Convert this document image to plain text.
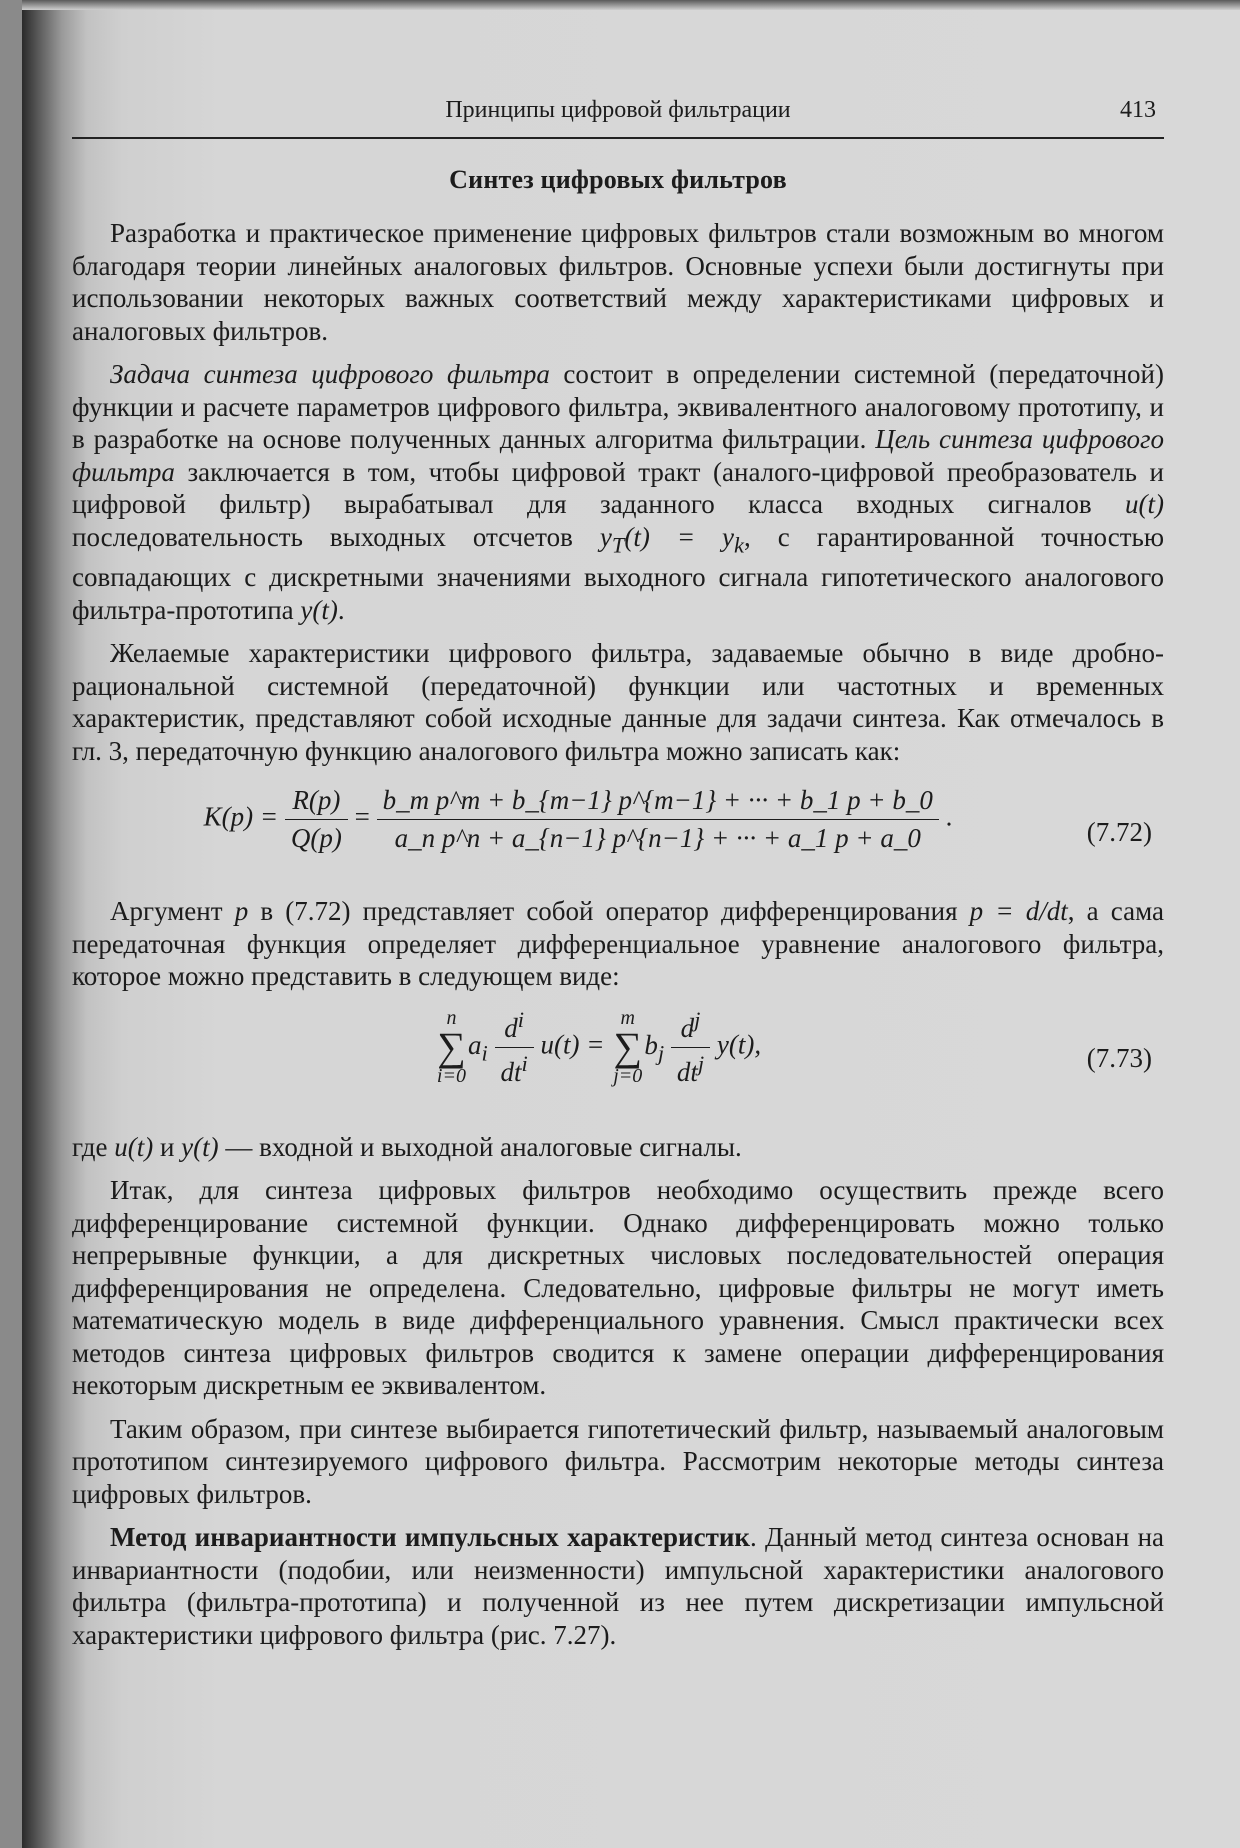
Принципы цифровой фильтрации	413
Синтез цифровых фильтров

Разработка и практическое применение цифровых фильтров стали возможным во многом благодаря теории линейных аналоговых фильтров. Основные успехи были достигнуты при использовании некоторых важных соответствий между характеристиками цифровых и аналоговых фильтров.

Задача синтеза цифрового фильтра состоит в определении системной (передаточной) функции и расчете параметров цифрового фильтра, эквивалентного аналоговому прототипу, и в разработке на основе полученных данных алгоритма фильтрации. Цель синтеза цифрового фильтра заключается в том, чтобы цифровой тракт (аналого-цифровой преобразователь и цифровой фильтр) вырабатывал для заданного класса входных сигналов u(t) последовательность выходных отсчетов $y_T(t) = y_k$, с гарантированной точностью совпадающих с дискретными значениями выходного сигнала гипотетического аналогового фильтра-прототипа y(t).

Желаемые характеристики цифрового фильтра, задаваемые обычно в виде дробно-рациональной системной (передаточной) функции или частотных и временных характеристик, представляют собой исходные данные для задачи синтеза. Как отмечалось в гл. 3, передаточную функцию аналогового фильтра можно записать как:

$K(p) = \frac{R(p)}{Q(p)} = \frac{\text{b\_m p\textasciicircum{}m + b\_\{m−1\} p\textasciicircum{}\{m−1\} + ··· + b\_1 p + b\_0}}{\text{a\_n p\textasciicircum{}n + a\_\{n−1\} p\textasciicircum{}\{n−1\} + ··· + a\_1 p + a\_0}}$ .
(7.72)

Аргумент p в (7.72) представляет собой оператор дифференцирования p = d/dt, а сама передаточная функция определяет дифференциальное уравнение аналогового фильтра, которое можно представить в следующем виде:

n
∑
i=0
$a_i \frac{d^i}{dt^i} u(t)$ =
m
∑
j=0
$b_j \frac{d^j}{dt^j} y(t)$,	(7.73)

где u(t) и y(t) — входной и выходной аналоговые сигналы.

Итак, для синтеза цифровых фильтров необходимо осуществить прежде всего дифференцирование системной функции. Однако дифференцировать можно только непрерывные функции, а для дискретных числовых последовательностей операция дифференцирования не определена. Следовательно, цифровые фильтры не могут иметь математическую модель в виде дифференциального уравнения. Смысл практически всех методов синтеза цифровых фильтров сводится к замене операции дифференцирования некоторым дискретным ее эквивалентом.

Таким образом, при синтезе выбирается гипотетический фильтр, называемый аналоговым прототипом синтезируемого цифрового фильтра. Рассмотрим некоторые методы синтеза цифровых фильтров.

Метод инвариантности импульсных характеристик. Данный метод синтеза основан на инвариантности (подобии, или неизменности) импульсной характеристики аналогового фильтра (фильтра-прототипа) и полученной из нее путем дискретизации импульсной характеристики цифрового фильтра (рис. 7.27).
